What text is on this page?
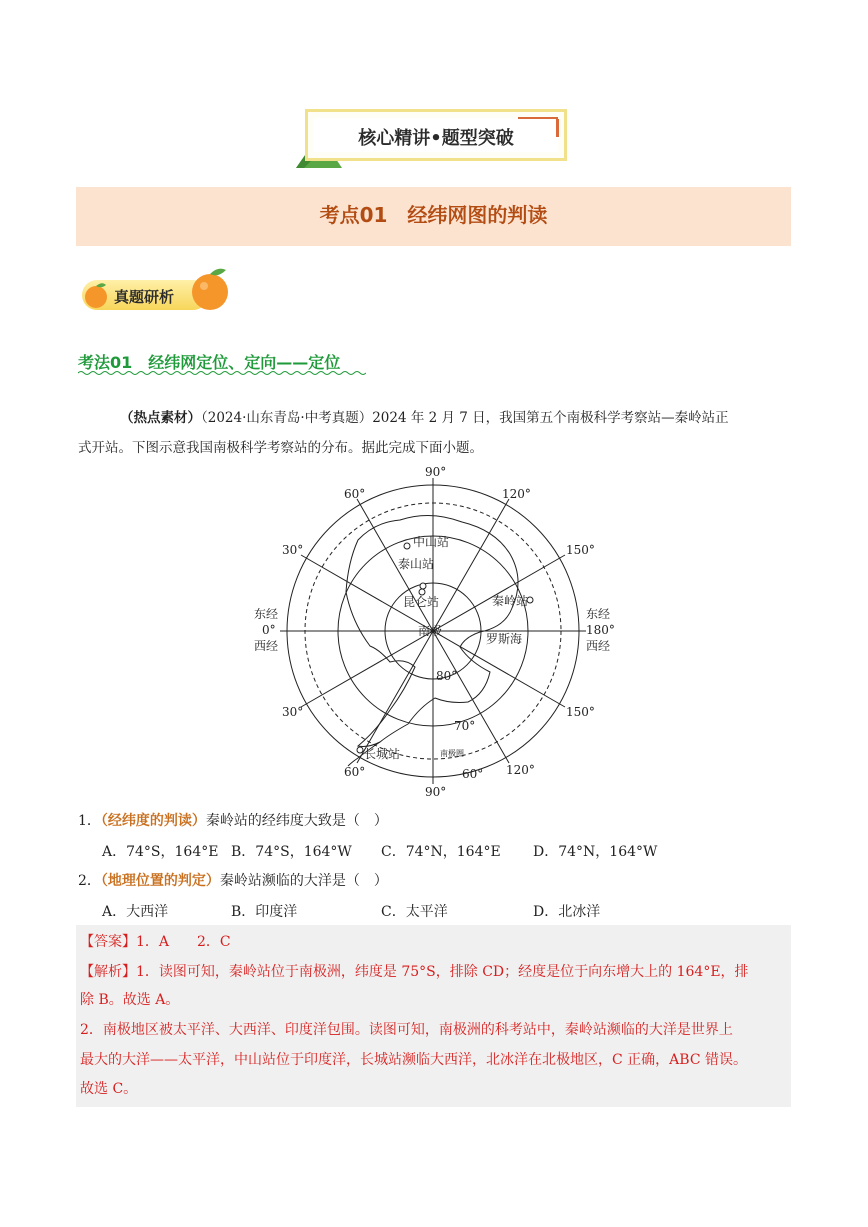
核心精讲•题型突破
考点01　经纬网图的判读
真题研析
考法01　经纬网定位、定向——定位
（热点素材）（2024·山东青岛·中考真题）2024 年 2 月 7 日，我国第五个南极科学考察站—秦岭站正
式开站。下图示意我国南极科学考察站的分布。据此完成下面小题。
90°
90°
60°	120°
30°	150°
东经
0°
西经
东经
180°
西经
30°	150°
60°	120°
60°
80°
70°
中山站
泰山站
昆仑站	秦岭站
南极
罗斯海
长城站	南极圈
1．（经纬度的判读）秦岭站的经纬度大致是（　）
A．74°S，164°E B．74°S，164°W C．74°N，164°E D．74°N，164°W
2．（地理位置的判定）秦岭站濒临的大洋是（　）
A．大西洋	B．印度洋	C．太平洋	D．北冰洋
【答案】1．A　　2．C
【解析】1．读图可知，秦岭站位于南极洲，纬度是 75°S，排除 CD；经度是位于向东增大上的 164°E，排
除 B。故选 A。
2．南极地区被太平洋、大西洋、印度洋包围。读图可知，南极洲的科考站中，秦岭站濒临的大洋是世界上
最大的大洋——太平洋，中山站位于印度洋，长城站濒临大西洋，北冰洋在北极地区，C 正确，ABC 错误。
故选 C。
